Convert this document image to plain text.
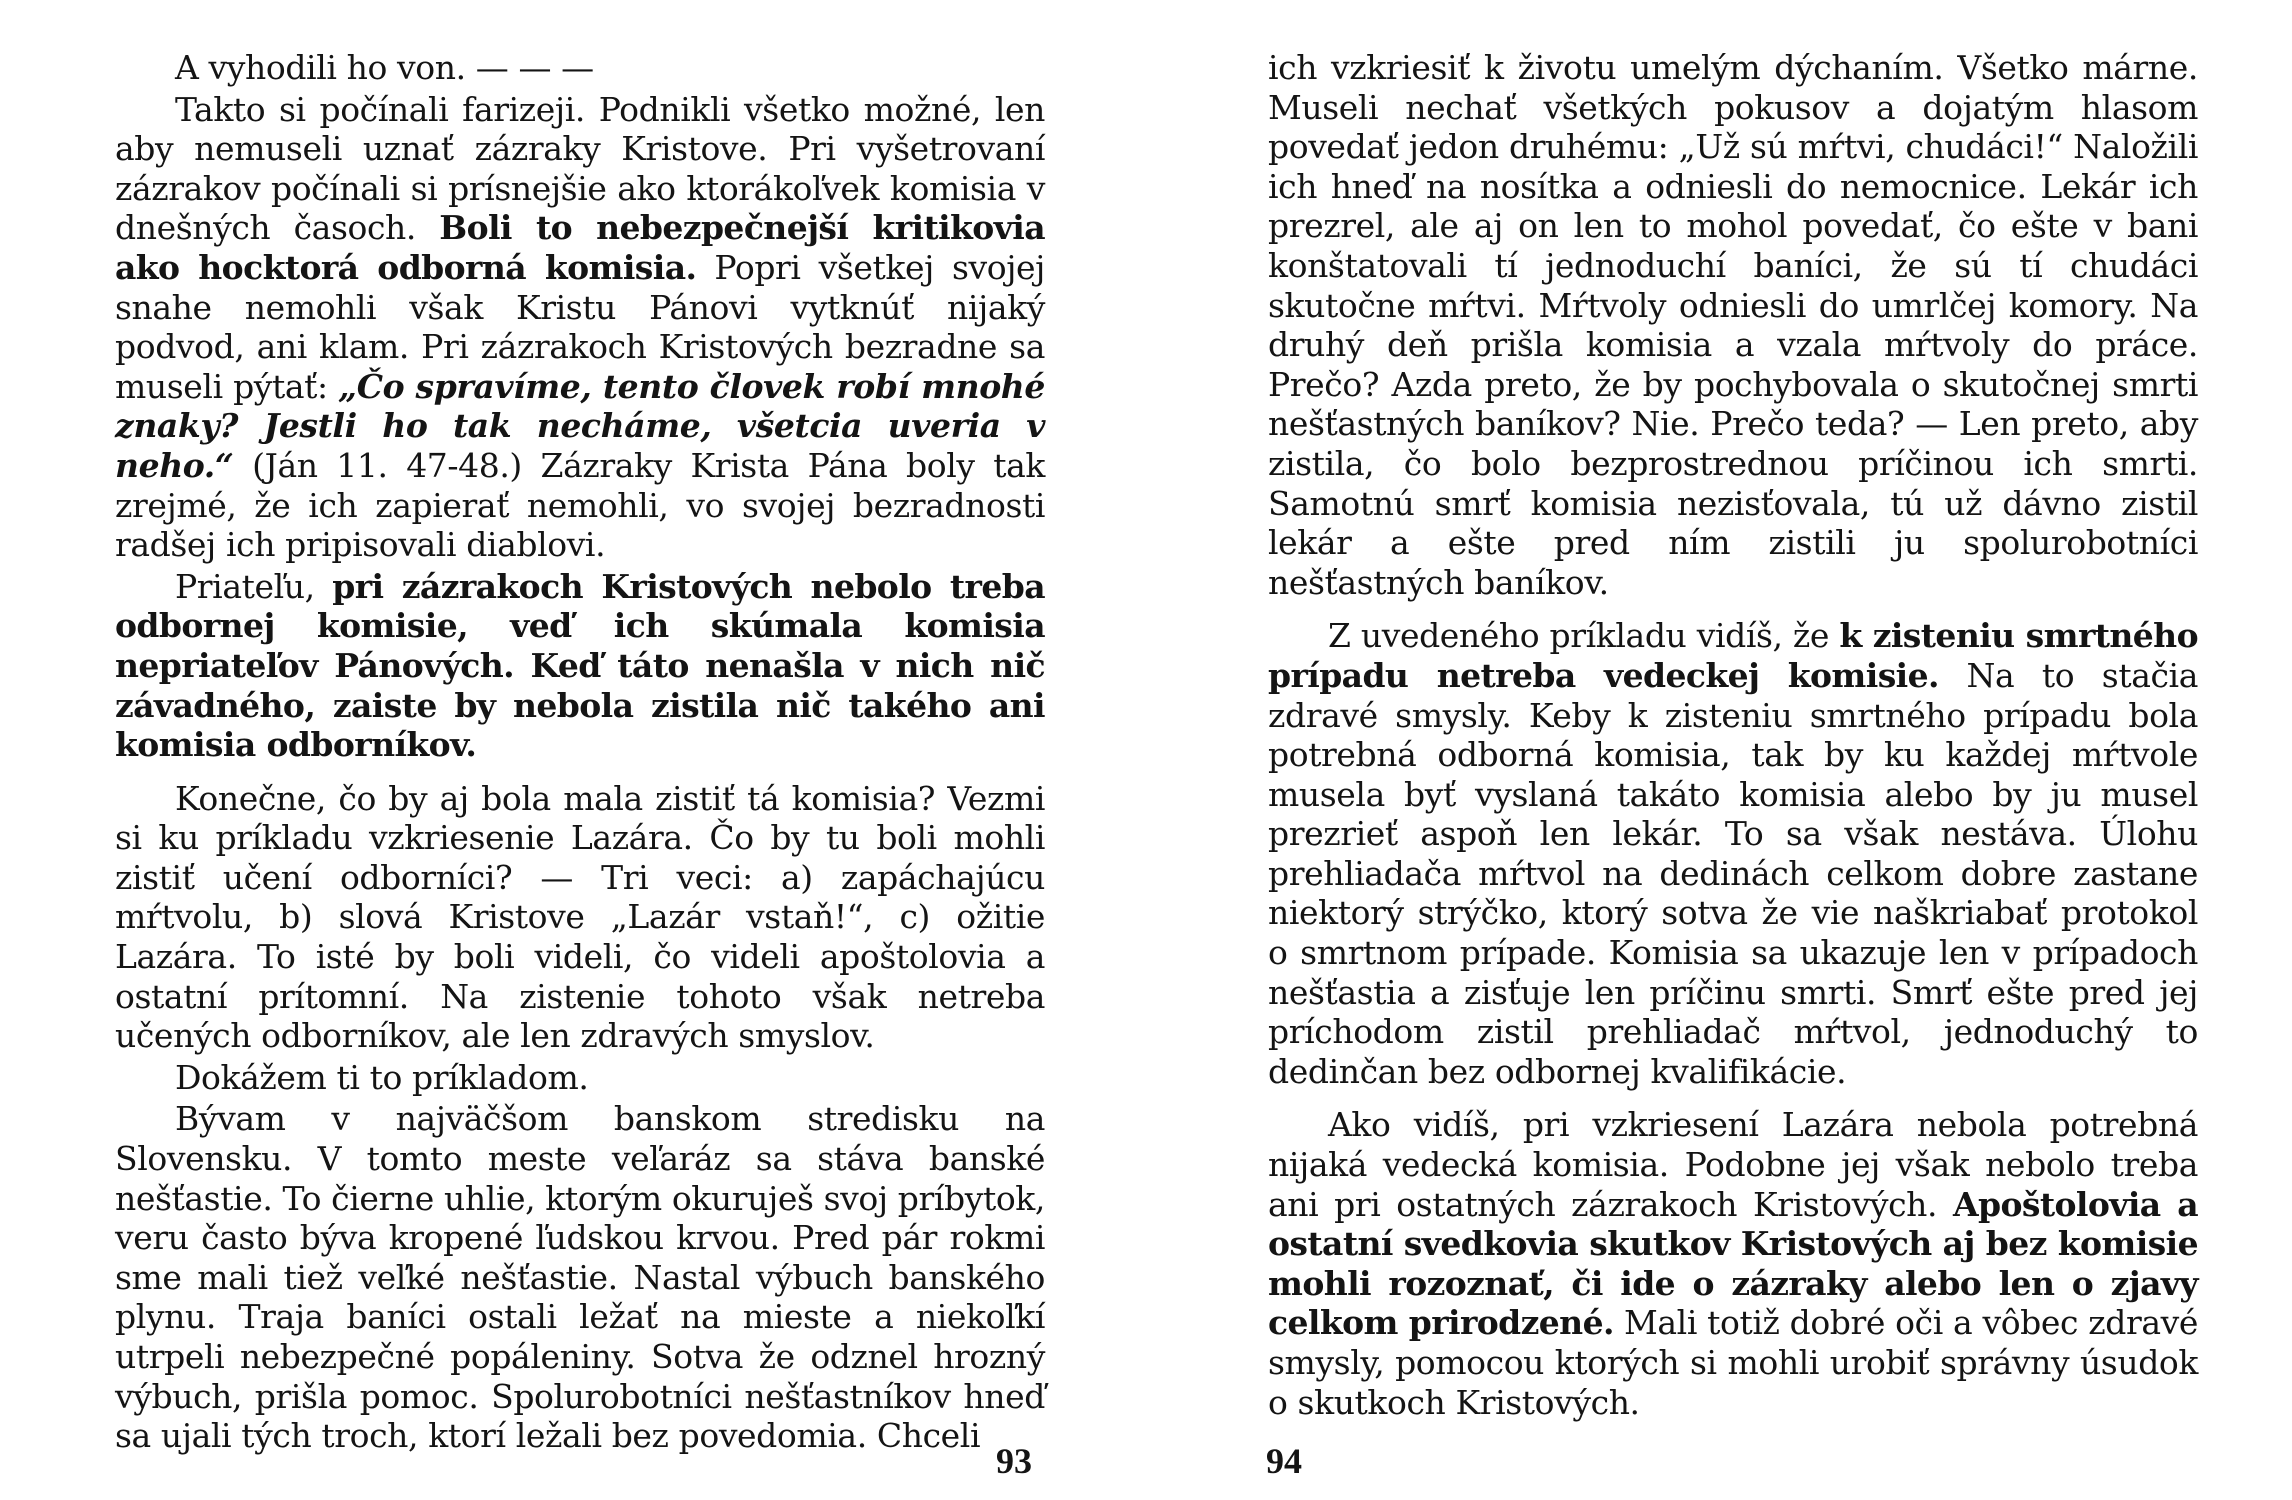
A vyhodili ho von. — — —

Takto si počínali farizeji. Podnikli všetko možné, len aby nemuseli uznať zázraky Kristove. Pri vyšetrovaní zázrakov počínali si prísnejšie ako ktorákoľvek komisia v dnešných časoch. Boli to nebezpečnejší kritikovia ako hocktorá odborná komisia. Popri všetkej svojej snahe nemohli však Kristu Pánovi vytknúť nijaký podvod, ani klam. Pri zázrakoch Kristových bezradne sa museli pýtať: „Čo spravíme, tento človek robí mnohé znaky? Jestli ho tak necháme, všetcia uveria v neho.“ (Ján 11. 47-48.) Zázraky Krista Pána boly tak zrejmé, že ich zapierať nemohli, vo svojej bezradnosti radšej ich pripisovali diablovi.

Priateľu, pri zázrakoch Kristových nebolo treba odbornej komisie, veď ich skúmala komisia nepriateľov Pánových. Keď táto nenašla v nich nič závadného, zaiste by nebola zistila nič takého ani komisia odborníkov.

Konečne, čo by aj bola mala zistiť tá komisia? Vezmi si ku príkladu vzkriesenie Lazára. Čo by tu boli mohli zistiť učení odborníci? — Tri veci: a) zapáchajúcu mŕtvolu, b) slová Kristove „Lazár vstaň!“, c) ožitie Lazára. To isté by boli videli, čo videli apoštolovia a ostatní prítomní. Na zistenie tohoto však netreba učených odborníkov, ale len zdravých smyslov.

Dokážem ti to príkladom.

Bývam v najväčšom banskom stredisku na Slovensku. V tomto meste veľaráz sa stáva banské nešťastie. To čierne uhlie, ktorým okuruješ svoj príbytok, veru často býva kropené ľudskou krvou. Pred pár rokmi sme mali tiež veľké nešťastie. Nastal výbuch banského plynu. Traja baníci ostali ležať na mieste a niekoľkí utrpeli nebezpečné popáleniny. Sotva že odznel hrozný výbuch, prišla pomoc. Spolurobotníci nešťastníkov hneď sa ujali tých troch, ktorí ležali bez povedomia. Chceli

93

ich vzkriesiť k životu umelým dýchaním. Všetko márne. Museli nechať všetkých pokusov a dojatým hlasom povedať jedon druhému: „Už sú mŕtvi, chudáci!“ Naložili ich hneď na nosítka a odniesli do nemocnice. Lekár ich prezrel, ale aj on len to mohol povedať, čo ešte v bani konštatovali tí jednoduchí baníci, že sú tí chudáci skutočne mŕtvi. Mŕtvoly odniesli do umrlčej komory. Na druhý deň prišla komisia a vzala mŕtvoly do práce. Prečo? Azda preto, že by pochybovala o skutočnej smrti nešťastných baníkov? Nie. Prečo teda? — Len preto, aby zistila, čo bolo bezprostrednou príčinou ich smrti. Samotnú smrť komisia nezisťovala, tú už dávno zistil lekár a ešte pred ním zistili ju spolurobotníci nešťastných baníkov.

Z uvedeného príkladu vidíš, že k zisteniu smrtného prípadu netreba vedeckej komisie. Na to stačia zdravé smysly. Keby k zisteniu smrtného prípadu bola potrebná odborná komisia, tak by ku každej mŕtvole musela byť vyslaná takáto komisia alebo by ju musel prezrieť aspoň len lekár. To sa však nestáva. Úlohu prehliadača mŕtvol na dedinách celkom dobre zastane niektorý strýčko, ktorý sotva že vie naškriabať protokol o smrtnom prípade. Komisia sa ukazuje len v prípadoch nešťastia a zisťuje len príčinu smrti. Smrť ešte pred jej príchodom zistil prehliadač mŕtvol, jednoduchý to dedinčan bez odbornej kvalifikácie.

Ako vidíš, pri vzkriesení Lazára nebola potrebná nijaká vedecká komisia. Podobne jej však nebolo treba ani pri ostatných zázrakoch Kristových. Apoštolovia a ostatní svedkovia skutkov Kristových aj bez komisie mohli rozoznať, či ide o zázraky alebo len o zjavy celkom prirodzené. Mali totiž dobré oči a vôbec zdravé smysly, pomocou ktorých si mohli urobiť správny úsudok o skutkoch Kristových.

94
